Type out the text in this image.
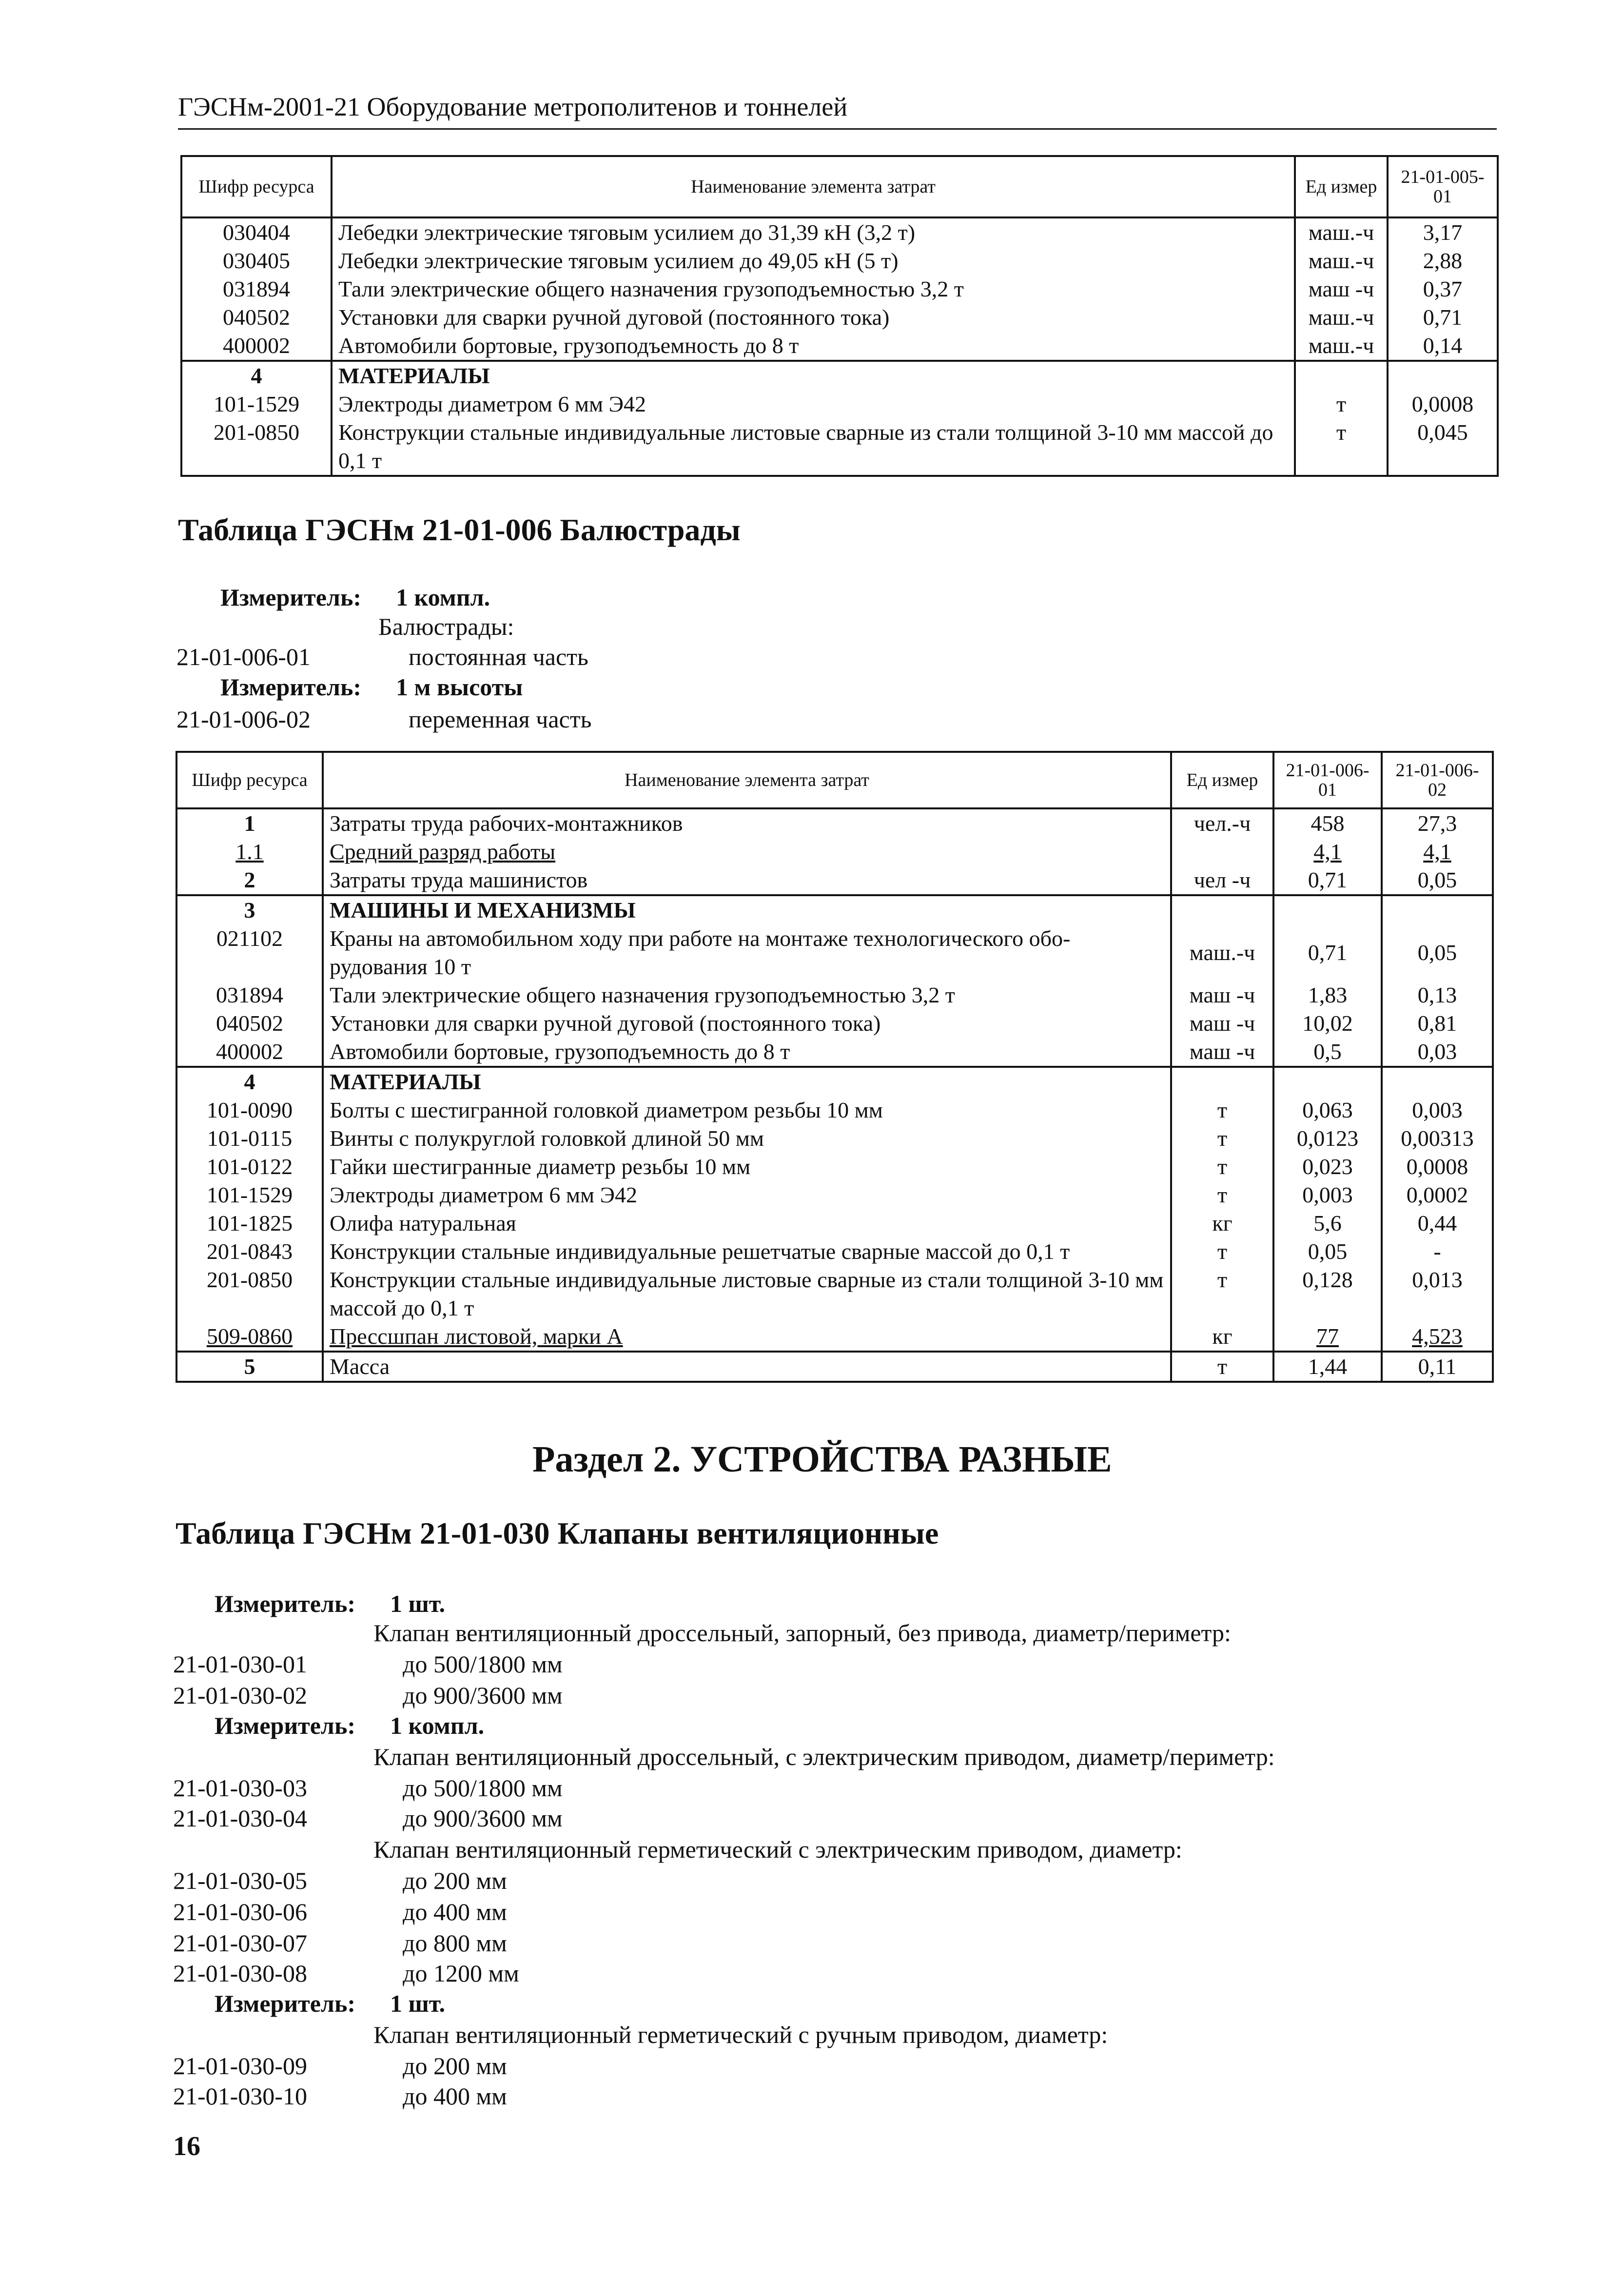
ГЭСНм-2001-21 Оборудование метрополитенов и тоннелей
Шифр ресурса	Наименование элемента затрат	Ед измер	21-01-005-01
030404	Лебедки электрические тяговым усилием до 31,39 кН (3,2 т)	маш.-ч	3,17
030405	Лебедки электрические тяговым усилием до 49,05 кН (5 т)	маш.-ч	2,88
031894	Тали электрические общего назначения грузоподъемностью 3,2 т	маш -ч	0,37
040502	Установки для сварки ручной дуговой (постоянного тока)	маш.-ч	0,71
400002	Автомобили бортовые, грузоподъемность до 8 т	маш.-ч	0,14
4	МАТЕРИАЛЫ		
101-1529	Электроды диаметром 6 мм Э42	т	0,0008
201-0850	Конструкции стальные индивидуальные листовые сварные из стали толщиной 3-10 мм массой до 0,1 т	т	0,045
Таблица ГЭСНм 21-01-006 Балюстрады
Измеритель: 1 компл.
Балюстрады:
21-01-006-01	постоянная часть
Измеритель: 1 м высоты
21-01-006-02	переменная часть
Шифр ресурса	Наименование элемента затрат	Ед измер	21-01-006-01	21-01-006-02
1	Затраты труда рабочих-монтажников	чел.-ч	458	27,3
1.1	Средний разряд работы		4,1	4,1
2	Затраты труда машинистов	чел -ч	0,71	0,05
3	МАШИНЫ И МЕХАНИЗМЫ			
021102	Краны на автомобильном ходу при работе на монтаже технологического обо-рудования 10 т	маш.-ч	0,71	0,05
031894	Тали электрические общего назначения грузоподъемностью 3,2 т	маш -ч	1,83	0,13
040502	Установки для сварки ручной дуговой (постоянного тока)	маш -ч	10,02	0,81
400002	Автомобили бортовые, грузоподъемность до 8 т	маш -ч	0,5	0,03
4	МАТЕРИАЛЫ			
101-0090	Болты с шестигранной головкой диаметром резьбы 10 мм	т	0,063	0,003
101-0115	Винты с полукруглой головкой длиной 50 мм	т	0,0123	0,00313
101-0122	Гайки шестигранные диаметр резьбы 10 мм	т	0,023	0,0008
101-1529	Электроды диаметром 6 мм Э42	т	0,003	0,0002
101-1825	Олифа натуральная	кг	5,6	0,44
201-0843	Конструкции стальные индивидуальные решетчатые сварные массой до 0,1 т	т	0,05	-
201-0850	Конструкции стальные индивидуальные листовые сварные из стали толщиной 3-10 мм массой до 0,1 т	т	0,128	0,013
509-0860	Прессшпан листовой, марки А	кг	77	4,523
5	Масса	т	1,44	0,11
Раздел 2. УСТРОЙСТВА РАЗНЫЕ
Таблица ГЭСНм 21-01-030 Клапаны вентиляционные
Измеритель: 1 шт.
Клапан вентиляционный дроссельный, запорный, без привода, диаметр/периметр:
21-01-030-01	до 500/1800 мм
21-01-030-02	до 900/3600 мм
Измеритель: 1 компл.
Клапан вентиляционный дроссельный, с электрическим приводом, диаметр/периметр:
21-01-030-03	до 500/1800 мм
21-01-030-04	до 900/3600 мм
Клапан вентиляционный герметический с электрическим приводом, диаметр:
21-01-030-05	до 200 мм
21-01-030-06	до 400 мм
21-01-030-07	до 800 мм
21-01-030-08	до 1200 мм
Измеритель: 1 шт.
Клапан вентиляционный герметический с ручным приводом, диаметр:
21-01-030-09	до 200 мм
21-01-030-10	до 400 мм
16
